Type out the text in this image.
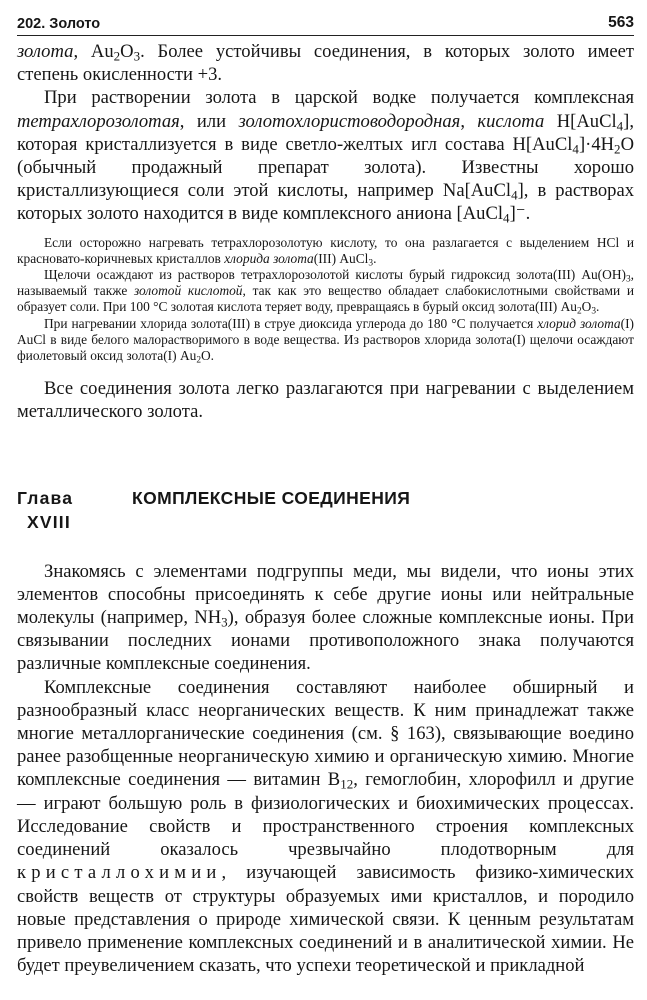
202. Золото	563

золота, $Au_2O_3$. Более устойчивы соединения, в которых золото имеет степень окисленности +3.

При растворении золота в царской водке получается комплексная тетрахлорозолотая, или золотохлористоводородная, кислота H[AuCl$_4$], которая кристаллизуется в виде светло-желтых игл состава $H[AuCl_4]\cdot 4H_2O$ (обычный продажный препарат золота). Известны хорошо кристаллизующиеся соли этой кислоты, например Na[AuCl$_4$], в растворах которых золото находится в виде комплексного аниона [AuCl$_4$]⁻.

Если осторожно нагревать тетрахлорозолотую кислоту, то она разлагается с выделением HCl и красновато-коричневых кристаллов хлорида золота(III) AuCl$_3$.

Щелочи осаждают из растворов тетрахлорозолотой кислоты бурый гидроксид золота(III) $Au(OH)_3$, называемый также золотой кислотой, так как это вещество обладает слабокислотными свойствами и образует соли. При 100 °C золотая кислота теряет воду, превращаясь в бурый оксид золота(III) $Au_2O_3$.

При нагревании хлорида золота(III) в струе диоксида углерода до 180 °C получается хлорид золота(I) AuCl в виде белого малорастворимого в воде вещества. Из растворов хлорида золота(I) щелочи осаждают фиолетовый оксид золота(I) $Au_2O$.

Все соединения золота легко разлагаются при нагревании с выделением металлического золота.

Глава
XVIII
КОМПЛЕКСНЫЕ СОЕДИНЕНИЯ

Знакомясь с элементами подгруппы меди, мы видели, что ионы этих элементов способны присоединять к себе другие ионы или нейтральные молекулы (например, $NH_3$), образуя более сложные комплексные ионы. При связывании последних ионами противоположного знака получаются различные комплексные соединения.

Комплексные соединения составляют наиболее обширный и разнообразный класс неорганических веществ. К ним принадлежат также многие металлорганические соединения (см. § 163), связывающие воедино ранее разобщенные неорганическую химию и органическую химию. Многие комплексные соединения — витамин $B_{12}$, гемоглобин, хлорофилл и другие — играют большую роль в физиологических и биохимических процессах. Исследование свойств и пространственного строения комплексных соединений оказалось чрезвычайно плодотворным для кристаллохимии, изучающей зависимость физико-химических свойств веществ от структуры образуемых ими кристаллов, и породило новые представления о природе химической связи. К ценным результатам привело применение комплексных соединений и в аналитической химии. Не будет преувеличением сказать, что успехи теоретической и прикладной
